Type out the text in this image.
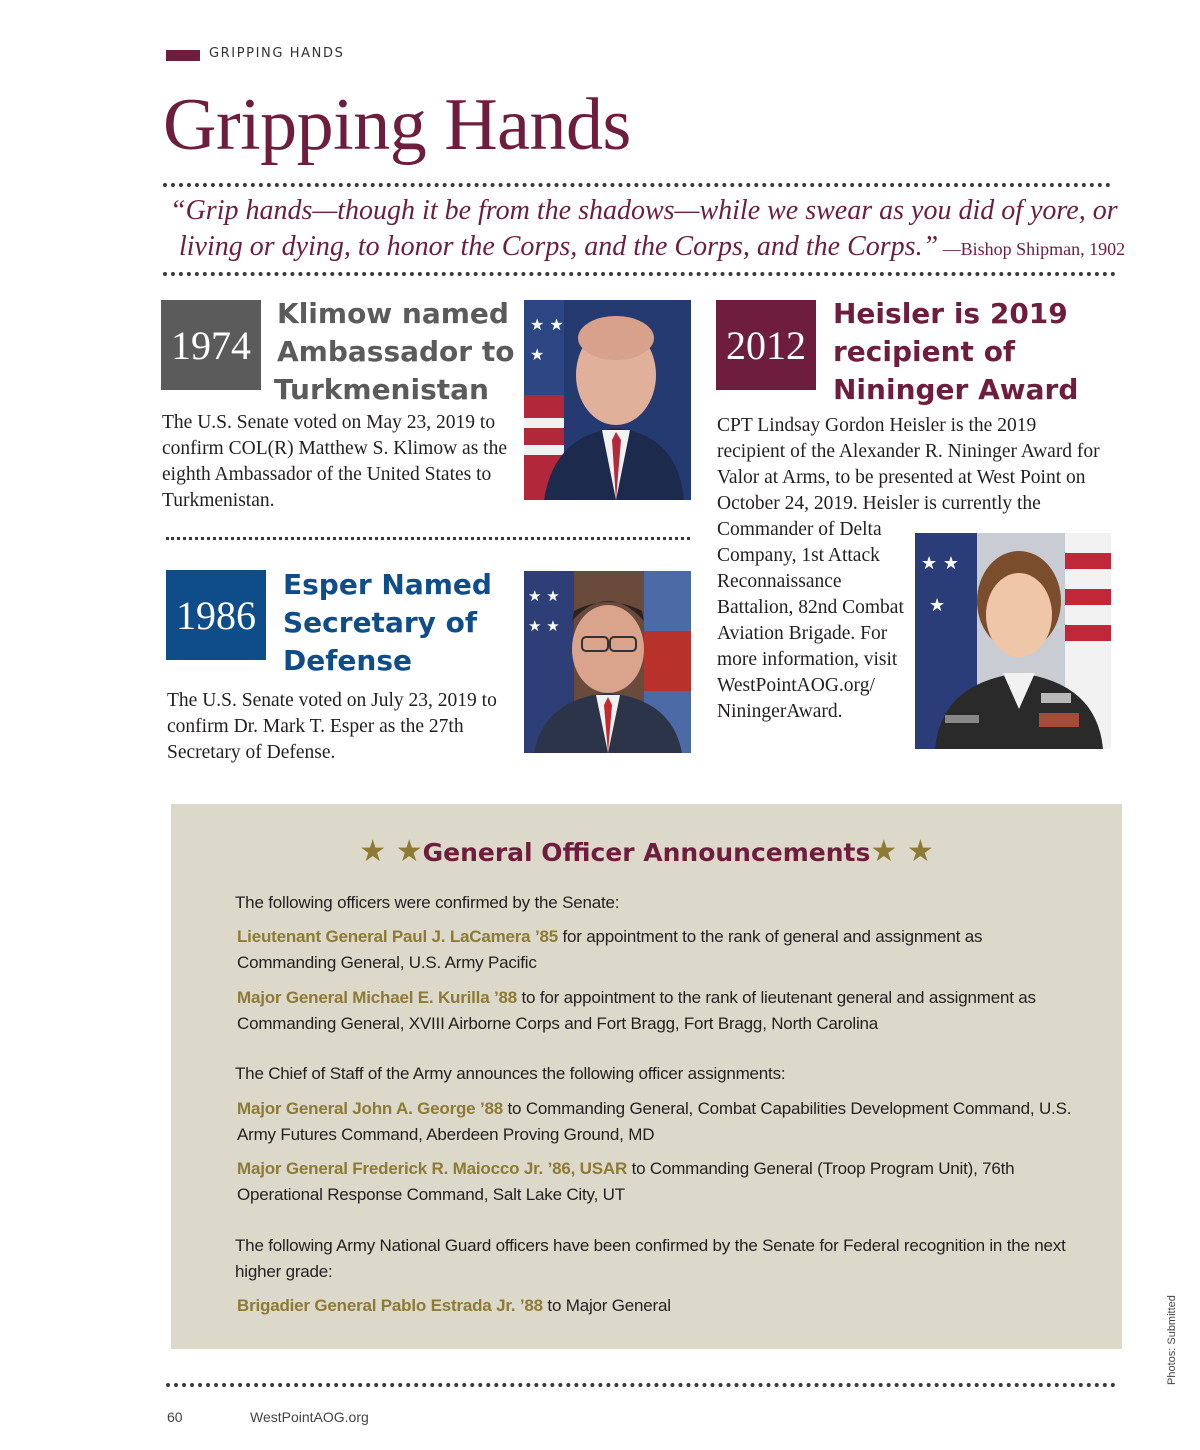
GRIPPING HANDS
Gripping Hands
“Grip hands—though it be from the shadows—while we swear as you did of yore, or
living or dying, to honor the Corps, and the Corps, and the Corps.” —Bishop Shipman, 1902
1974
Klimow named
Ambassador to
Turkmenistan
The U.S. Senate voted on May 23, 2019 to confirm COL(R) Matthew S. Klimow as the eighth Ambassador of the United States to Turkmenistan.
★ ★
★
1986
Esper Named
Secretary of
Defense
The U.S. Senate voted on July 23, 2019 to confirm Dr. Mark T. Esper as the 27th Secretary of Defense.
★ ★
★ ★
2012
Heisler is 2019
recipient of
Nininger Award
CPT Lindsay Gordon Heisler is the 2019 recipient of the Alexander R. Nininger Award for Valor at Arms, to be presented at West Point on October 24, 2019. Heisler is currently the
Commander of Delta Company, 1st Attack Reconnaissance Battalion, 82nd Combat Aviation Brigade. For more information, visit WestPointAOG.org/ NiningerAward.
★ ★
★
★ ★General Officer Announcements★ ★
The following officers were confirmed by the Senate:
Lieutenant General Paul J. LaCamera ’85 for appointment to the rank of general and assignment as Commanding General, U.S. Army Pacific
Major General Michael E. Kurilla ’88 to for appointment to the rank of lieutenant general and assignment as Commanding General, XVIII Airborne Corps and Fort Bragg, Fort Bragg, North Carolina
The Chief of Staff of the Army announces the following officer assignments:
Major General John A. George ’88 to Commanding General, Combat Capabilities Development Command, U.S. Army Futures Command, Aberdeen Proving Ground, MD
Major General Frederick R. Maiocco Jr. ’86, USAR to Commanding General (Troop Program Unit), 76th Operational Response Command, Salt Lake City, UT
The following Army National Guard officers have been confirmed by the Senate for Federal recognition in the next higher grade:
Brigadier General Pablo Estrada Jr. ’88 to Major General
60	WestPointAOG.org
Photos: Submitted
